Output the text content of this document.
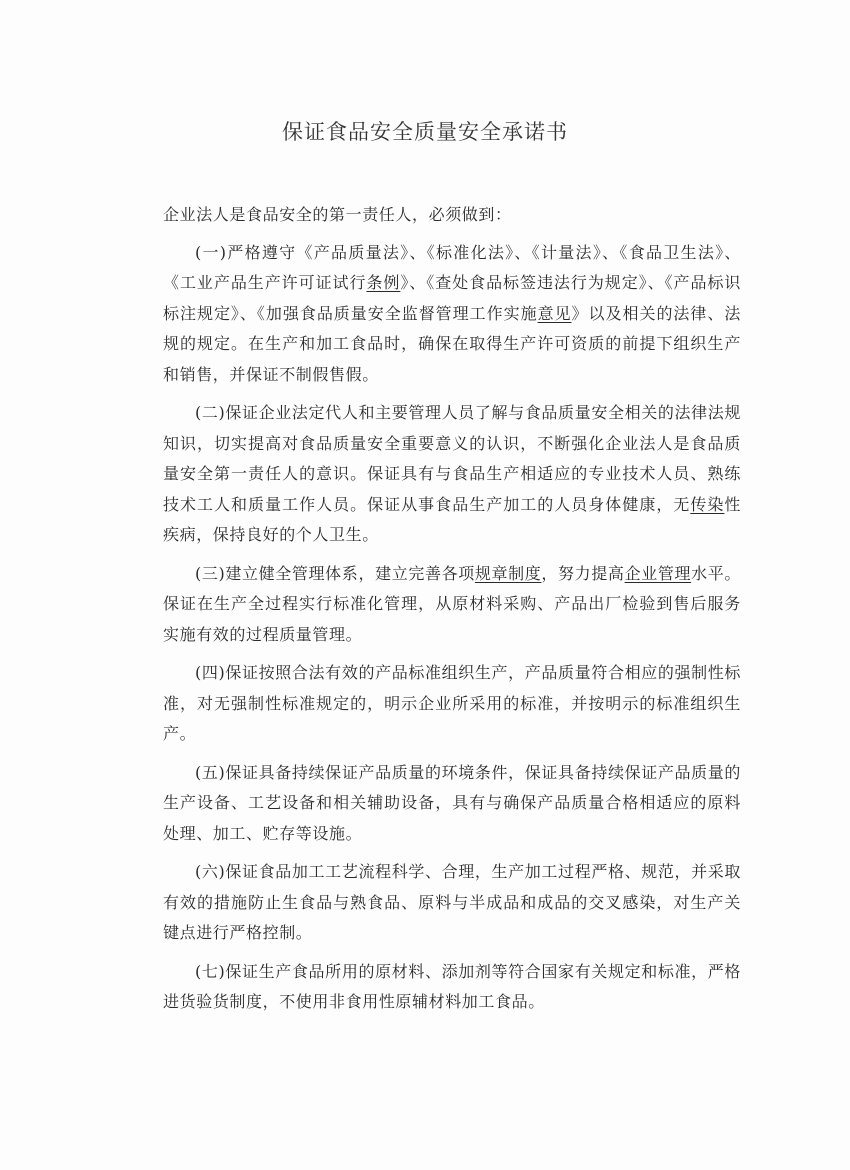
保证食品安全质量安全承诺书

企业法人是食品安全的第一责任人，必须做到：

(一)严格遵守《产品质量法》、《标准化法》、《计量法》、《食品卫生法》、《工业产品生产许可证试行条例》、《查处食品标签违法行为规定》、《产品标识标注规定》、《加强食品质量安全监督管理工作实施意见》以及相关的法律、法规的规定。在生产和加工食品时，确保在取得生产许可资质的前提下组织生产和销售，并保证不制假售假。

(二)保证企业法定代人和主要管理人员了解与食品质量安全相关的法律法规知识，切实提高对食品质量安全重要意义的认识，不断强化企业法人是食品质量安全第一责任人的意识。保证具有与食品生产相适应的专业技术人员、熟练技术工人和质量工作人员。保证从事食品生产加工的人员身体健康，无传染性疾病，保持良好的个人卫生。

(三)建立健全管理体系，建立完善各项规章制度，努力提高企业管理水平。保证在生产全过程实行标准化管理，从原材料采购、产品出厂检验到售后服务实施有效的过程质量管理。

(四)保证按照合法有效的产品标准组织生产，产品质量符合相应的强制性标准，对无强制性标准规定的，明示企业所采用的标准，并按明示的标准组织生产。

(五)保证具备持续保证产品质量的环境条件，保证具备持续保证产品质量的生产设备、工艺设备和相关辅助设备，具有与确保产品质量合格相适应的原料处理、加工、贮存等设施。

(六)保证食品加工工艺流程科学、合理，生产加工过程严格、规范，并采取有效的措施防止生食品与熟食品、原料与半成品和成品的交叉感染，对生产关键点进行严格控制。

(七)保证生产食品所用的原材料、添加剂等符合国家有关规定和标准，严格进货验货制度，不使用非食用性原辅材料加工食品。
